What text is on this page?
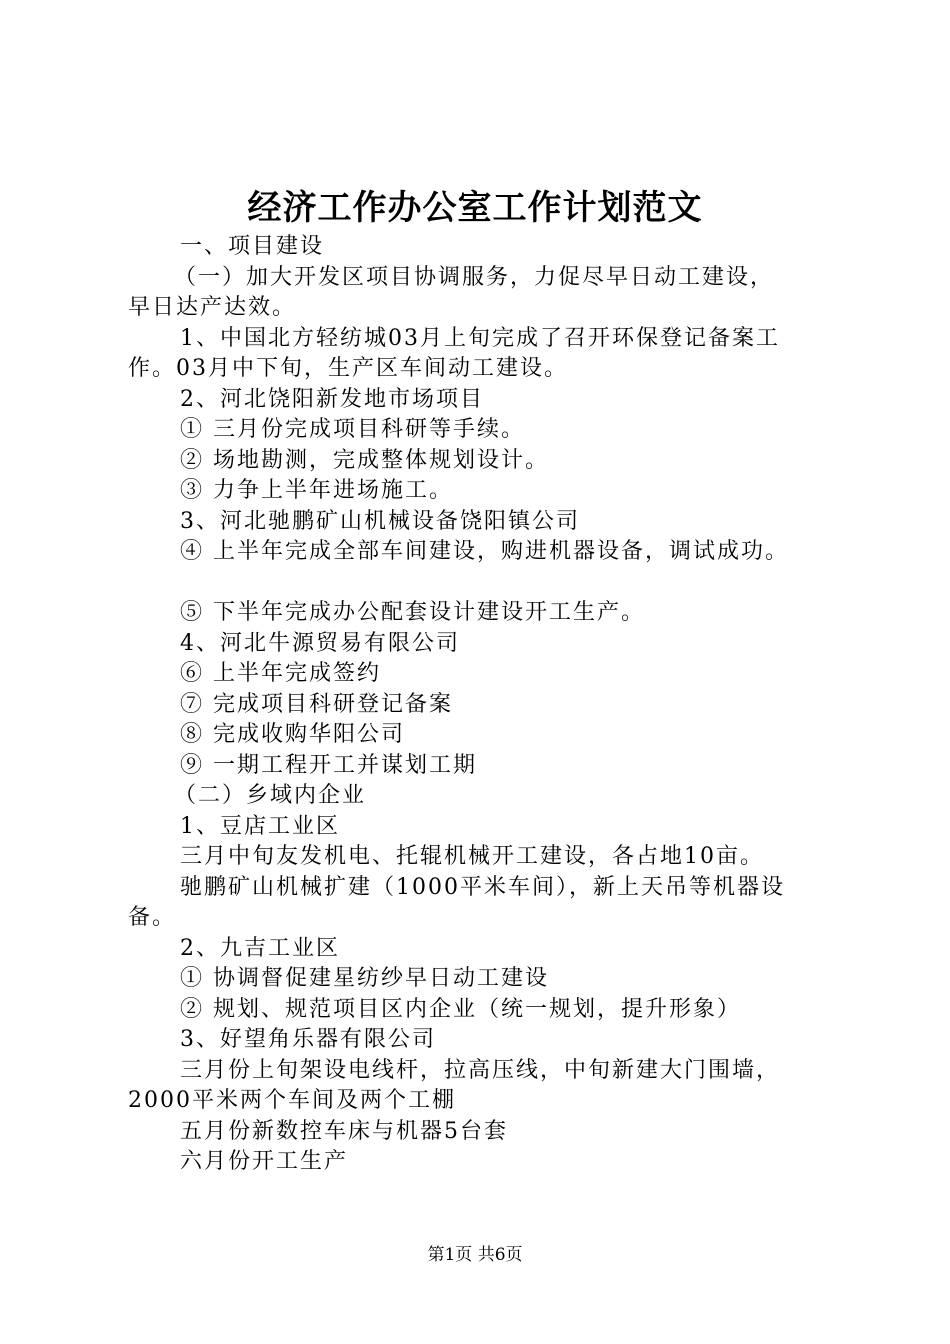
经济工作办公室工作计划范文

一、项目建设

（一）加大开发区项目协调服务，力促尽早日动工建设，

早日达产达效。

1、中国北方轻纺城03月上旬完成了召开环保登记备案工

作。03月中下旬，生产区车间动工建设。

2、河北饶阳新发地市场项目

① 三月份完成项目科研等手续。

② 场地勘测，完成整体规划设计。

③ 力争上半年进场施工。

3、河北驰鹏矿山机械设备饶阳镇公司

④ 上半年完成全部车间建设，购进机器设备，调试成功。

⑤ 下半年完成办公配套设计建设开工生产。

4、河北牛源贸易有限公司

⑥ 上半年完成签约

⑦ 完成项目科研登记备案

⑧ 完成收购华阳公司

⑨ 一期工程开工并谋划工期

（二）乡域内企业

1、豆店工业区

三月中旬友发机电、托辊机械开工建设，各占地10亩。

驰鹏矿山机械扩建（1000平米车间），新上天吊等机器设

备。

2、九吉工业区

① 协调督促建星纺纱早日动工建设

② 规划、规范项目区内企业（统一规划，提升形象）

3、好望角乐器有限公司

三月份上旬架设电线杆，拉高压线，中旬新建大门围墙，

2000平米两个车间及两个工棚

五月份新数控车床与机器5台套

六月份开工生产

第1页 共6页
